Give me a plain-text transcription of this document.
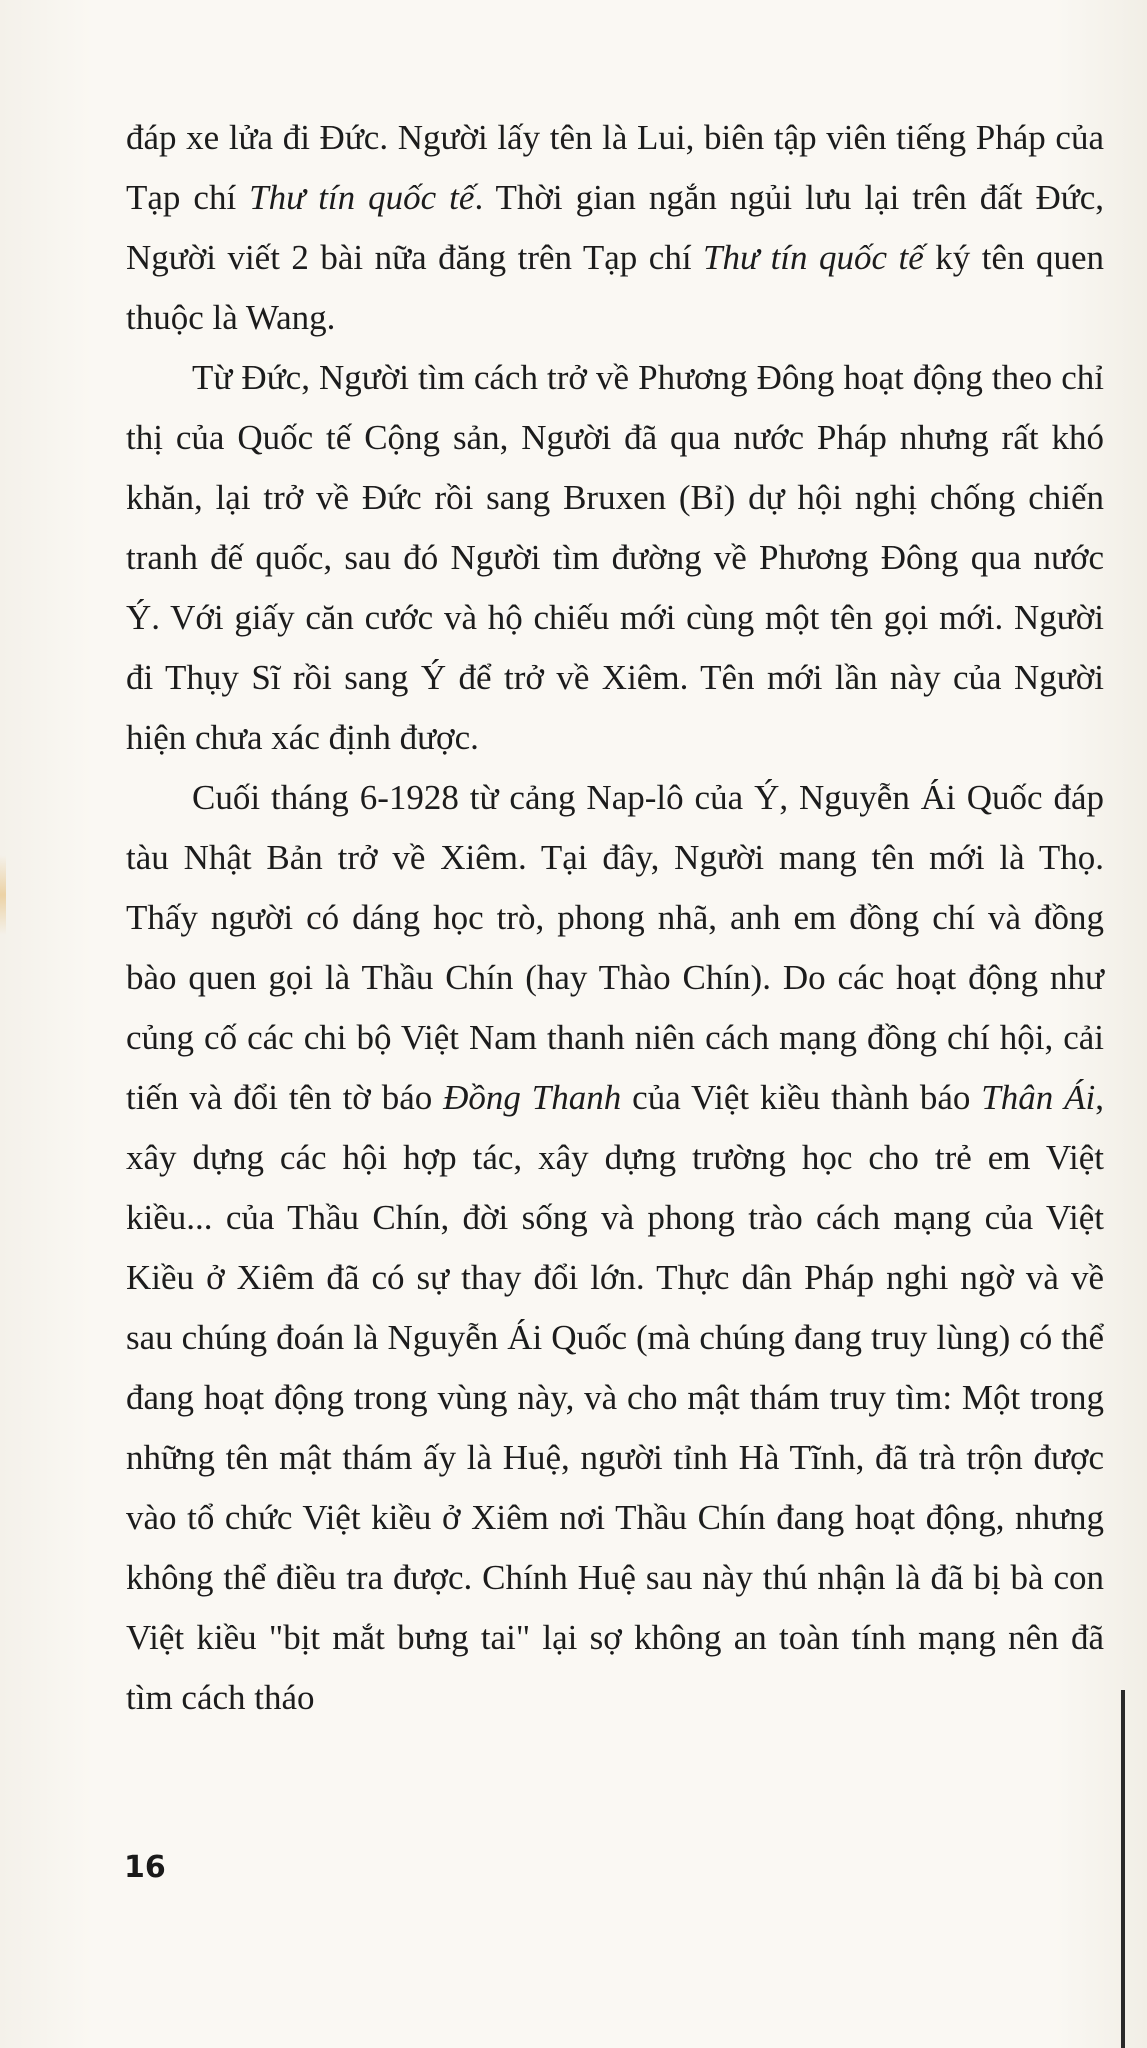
đáp xe lửa đi Đức. Người lấy tên là Lui, biên tập viên tiếng Pháp của Tạp chí Thư tín quốc tế. Thời gian ngắn ngủi lưu lại trên đất Đức, Người viết 2 bài nữa đăng trên Tạp chí Thư tín quốc tế ký tên quen thuộc là Wang.

Từ Đức, Người tìm cách trở về Phương Đông hoạt động theo chỉ thị của Quốc tế Cộng sản, Người đã qua nước Pháp nhưng rất khó khăn, lại trở về Đức rồi sang Bruxen (Bỉ) dự hội nghị chống chiến tranh đế quốc, sau đó Người tìm đường về Phương Đông qua nước Ý. Với giấy căn cước và hộ chiếu mới cùng một tên gọi mới. Người đi Thụy Sĩ rồi sang Ý để trở về Xiêm. Tên mới lần này của Người hiện chưa xác định được.

Cuối tháng 6-1928 từ cảng Nap-lô của Ý, Nguyễn Ái Quốc đáp tàu Nhật Bản trở về Xiêm. Tại đây, Người mang tên mới là Thọ. Thấy người có dáng học trò, phong nhã, anh em đồng chí và đồng bào quen gọi là Thầu Chín (hay Thào Chín). Do các hoạt động như củng cố các chi bộ Việt Nam thanh niên cách mạng đồng chí hội, cải tiến và đổi tên tờ báo Đồng Thanh của Việt kiều thành báo Thân Ái, xây dựng các hội hợp tác, xây dựng trường học cho trẻ em Việt kiều... của Thầu Chín, đời sống và phong trào cách mạng của Việt Kiều ở Xiêm đã có sự thay đổi lớn. Thực dân Pháp nghi ngờ và về sau chúng đoán là Nguyễn Ái Quốc (mà chúng đang truy lùng) có thể đang hoạt động trong vùng này, và cho mật thám truy tìm: Một trong những tên mật thám ấy là Huệ, người tỉnh Hà Tĩnh, đã trà trộn được vào tổ chức Việt kiều ở Xiêm nơi Thầu Chín đang hoạt động, nhưng không thể điều tra được. Chính Huệ sau này thú nhận là đã bị bà con Việt kiều "bịt mắt bưng tai" lại sợ không an toàn tính mạng nên đã tìm cách tháo

16
